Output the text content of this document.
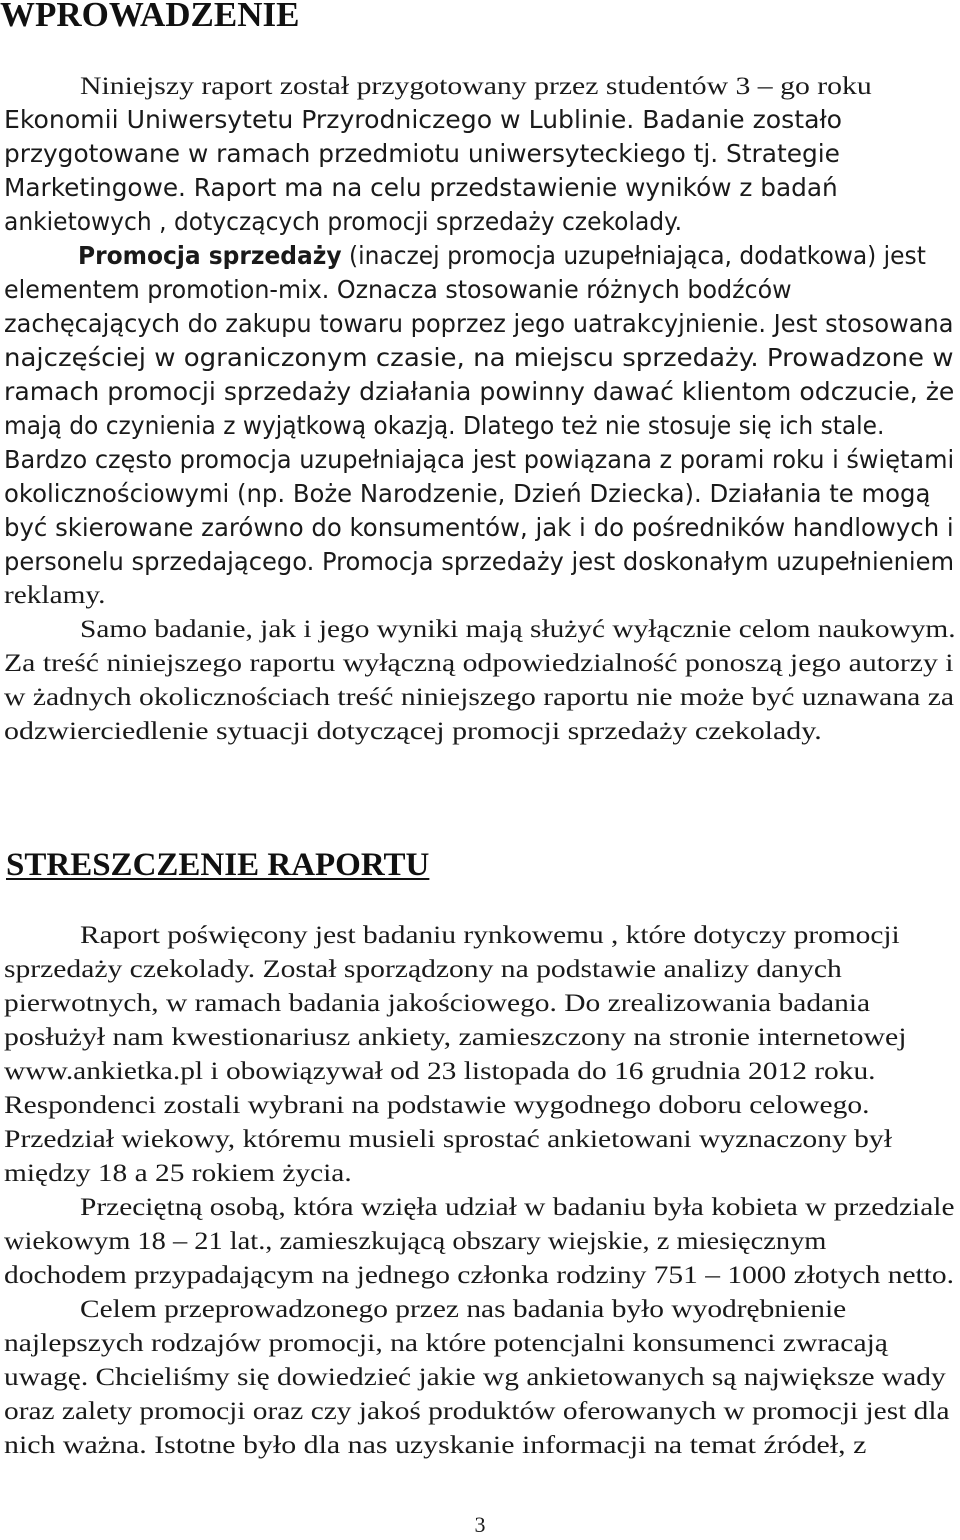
WPROWADZENIE
Niniejszy raport został przygotowany przez studentów 3 – go roku
Ekonomii Uniwersytetu Przyrodniczego w Lublinie. Badanie zostało
przygotowane w ramach przedmiotu uniwersyteckiego tj. Strategie
Marketingowe. Raport ma na celu przedstawienie wyników z badań
ankietowych , dotyczących promocji sprzedaży czekolady.
Promocja sprzedaży (inaczej promocja uzupełniająca, dodatkowa) jest
elementem promotion-mix. Oznacza stosowanie różnych bodźców
zachęcających do zakupu towaru poprzez jego uatrakcyjnienie. Jest stosowana
najczęściej w ograniczonym czasie, na miejscu sprzedaży. Prowadzone w
ramach promocji sprzedaży działania powinny dawać klientom odczucie, że
mają do czynienia z wyjątkową okazją. Dlatego też nie stosuje się ich stale.
Bardzo często promocja uzupełniająca jest powiązana z porami roku i świętami
okolicznościowymi (np. Boże Narodzenie, Dzień Dziecka). Działania te mogą
być skierowane zarówno do konsumentów, jak i do pośredników handlowych i
personelu sprzedającego. Promocja sprzedaży jest doskonałym uzupełnieniem
reklamy.
Samo badanie, jak i jego wyniki mają służyć wyłącznie celom naukowym.
Za treść niniejszego raportu wyłączną odpowiedzialność ponoszą jego autorzy i
w żadnych okolicznościach treść niniejszego raportu nie może być uznawana za
odzwierciedlenie sytuacji dotyczącej promocji sprzedaży czekolady.
STRESZCZENIE RAPORTU
Raport poświęcony jest badaniu rynkowemu , które dotyczy promocji
sprzedaży czekolady. Został sporządzony na podstawie analizy danych
pierwotnych, w ramach badania jakościowego. Do zrealizowania badania
posłużył nam kwestionariusz ankiety, zamieszczony na stronie internetowej
www.ankietka.pl i obowiązywał od 23 listopada do 16 grudnia 2012 roku.
Respondenci zostali wybrani na podstawie wygodnego doboru celowego.
Przedział wiekowy, któremu musieli sprostać ankietowani wyznaczony był
między 18 a 25 rokiem życia.
Przeciętną osobą, która wzięła udział w badaniu była kobieta w przedziale
wiekowym 18 – 21 lat., zamieszkującą obszary wiejskie, z miesięcznym
dochodem przypadającym na jednego członka rodziny 751 – 1000 złotych netto.
Celem przeprowadzonego przez nas badania było wyodrębnienie
najlepszych rodzajów promocji, na które potencjalni konsumenci zwracają
uwagę. Chcieliśmy się dowiedzieć jakie wg ankietowanych są największe wady
oraz zalety promocji oraz czy jakoś produktów oferowanych w promocji jest dla
nich ważna. Istotne było dla nas uzyskanie informacji na temat źródeł, z
3
